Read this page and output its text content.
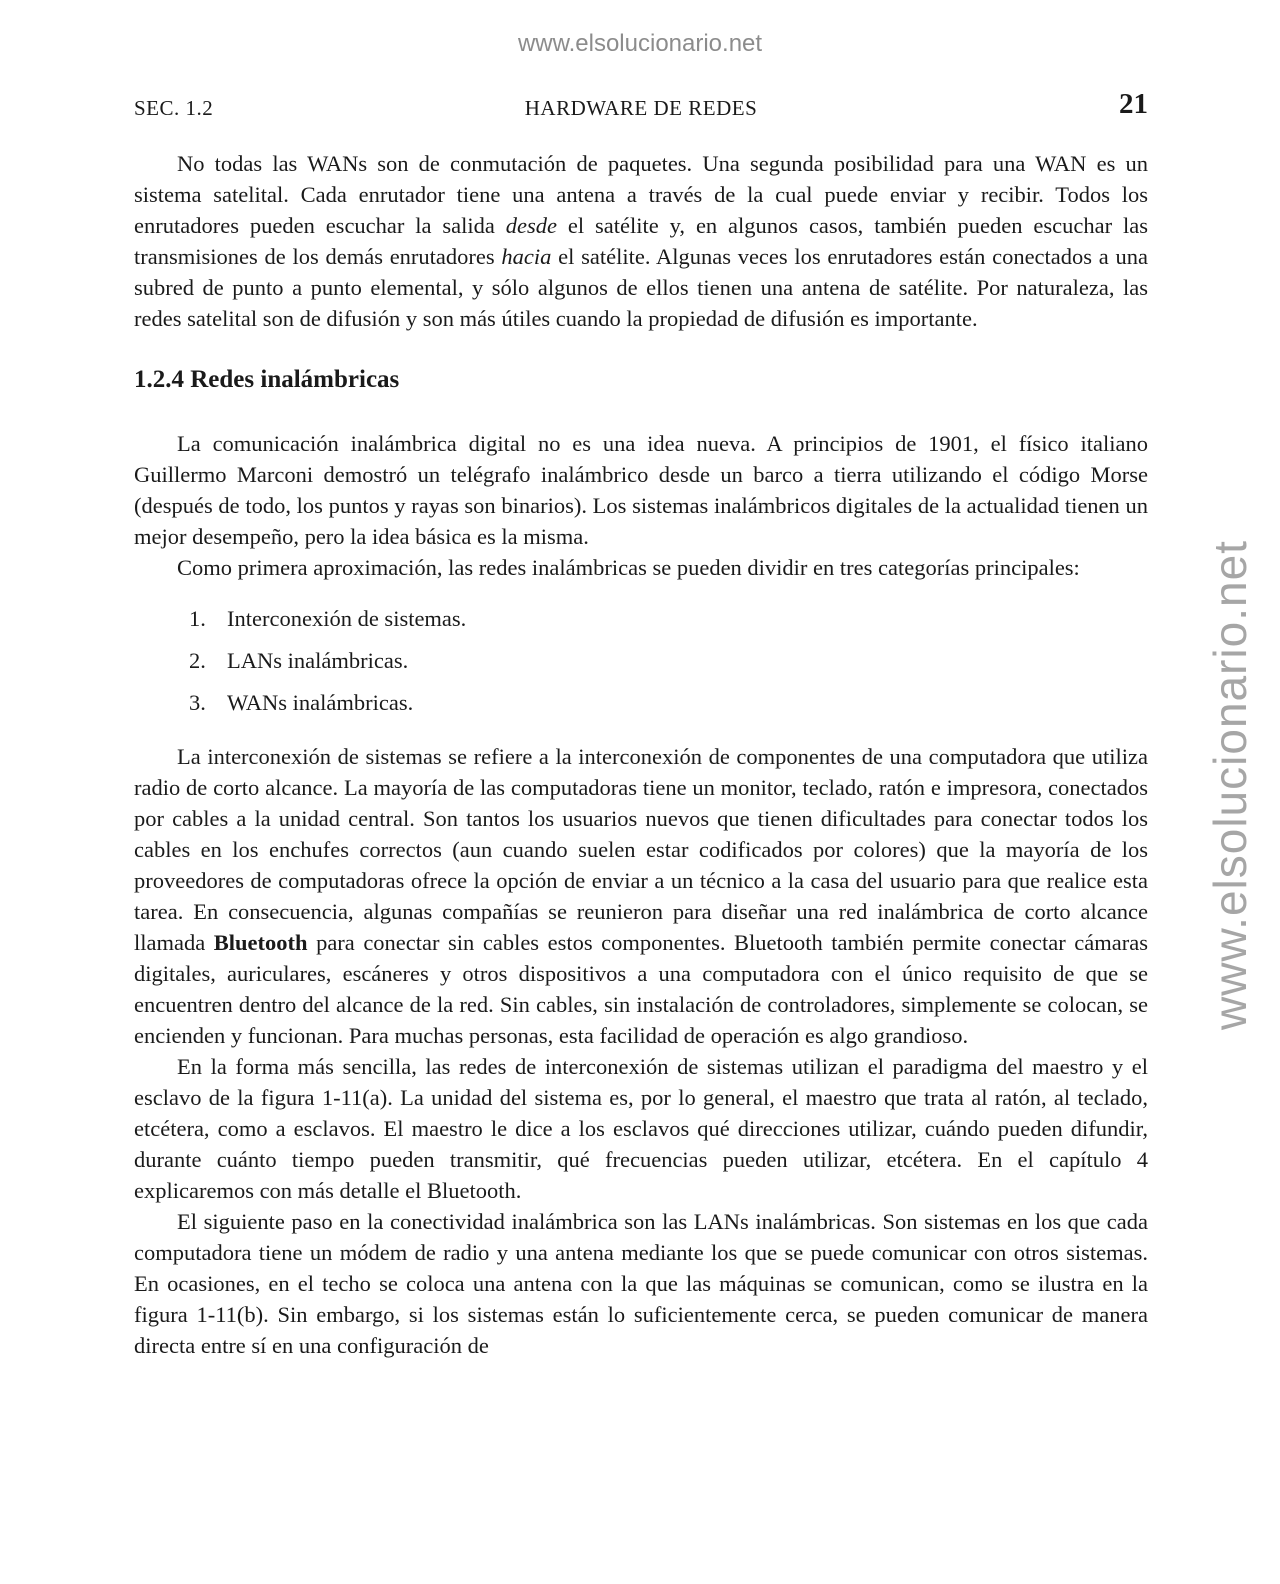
www.elsolucionario.net
www.elsolucionario.net
SEC. 1.2	HARDWARE DE REDES	21

No todas las WANs son de conmutación de paquetes. Una segunda posibilidad para una WAN es un sistema satelital. Cada enrutador tiene una antena a través de la cual puede enviar y recibir. Todos los enrutadores pueden escuchar la salida desde el satélite y, en algunos casos, también pueden escuchar las transmisiones de los demás enrutadores hacia el satélite. Algunas veces los enrutadores están conectados a una subred de punto a punto elemental, y sólo algunos de ellos tienen una antena de satélite. Por naturaleza, las redes satelital son de difusión y son más útiles cuando la propiedad de difusión es importante.

1.2.4 Redes inalámbricas

La comunicación inalámbrica digital no es una idea nueva. A principios de 1901, el físico italiano Guillermo Marconi demostró un telégrafo inalámbrico desde un barco a tierra utilizando el código Morse (después de todo, los puntos y rayas son binarios). Los sistemas inalámbricos digitales de la actualidad tienen un mejor desempeño, pero la idea básica es la misma.

Como primera aproximación, las redes inalámbricas se pueden dividir en tres categorías principales:

1. Interconexión de sistemas.
2. LANs inalámbricas.
3. WANs inalámbricas.

La interconexión de sistemas se refiere a la interconexión de componentes de una computadora que utiliza radio de corto alcance. La mayoría de las computadoras tiene un monitor, teclado, ratón e impresora, conectados por cables a la unidad central. Son tantos los usuarios nuevos que tienen dificultades para conectar todos los cables en los enchufes correctos (aun cuando suelen estar codificados por colores) que la mayoría de los proveedores de computadoras ofrece la opción de enviar a un técnico a la casa del usuario para que realice esta tarea. En consecuencia, algunas compañías se reunieron para diseñar una red inalámbrica de corto alcance llamada Bluetooth para conectar sin cables estos componentes. Bluetooth también permite conectar cámaras digitales, auriculares, escáneres y otros dispositivos a una computadora con el único requisito de que se encuentren dentro del alcance de la red. Sin cables, sin instalación de controladores, simplemente se colocan, se encienden y funcionan. Para muchas personas, esta facilidad de operación es algo grandioso.

En la forma más sencilla, las redes de interconexión de sistemas utilizan el paradigma del maestro y el esclavo de la figura 1-11(a). La unidad del sistema es, por lo general, el maestro que trata al ratón, al teclado, etcétera, como a esclavos. El maestro le dice a los esclavos qué direcciones utilizar, cuándo pueden difundir, durante cuánto tiempo pueden transmitir, qué frecuencias pueden utilizar, etcétera. En el capítulo 4 explicaremos con más detalle el Bluetooth.

El siguiente paso en la conectividad inalámbrica son las LANs inalámbricas. Son sistemas en los que cada computadora tiene un módem de radio y una antena mediante los que se puede comunicar con otros sistemas. En ocasiones, en el techo se coloca una antena con la que las máquinas se comunican, como se ilustra en la figura 1-11(b). Sin embargo, si los sistemas están lo suficientemente cerca, se pueden comunicar de manera directa entre sí en una configuración de
